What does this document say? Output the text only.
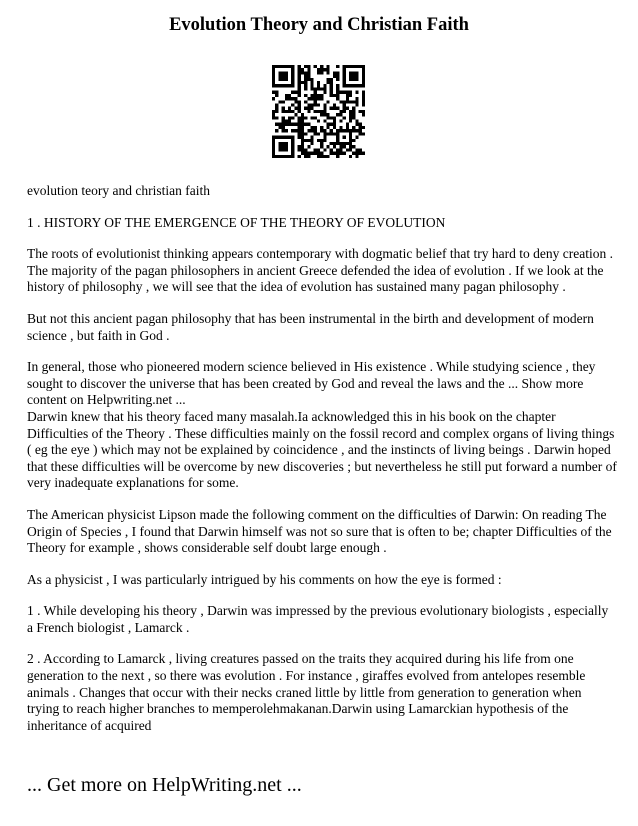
Evolution Theory and Christian Faith

evolution teory and christian faith

1 . HISTORY OF THE EMERGENCE OF THE THEORY OF EVOLUTION

The roots of evolutionist thinking appears contemporary with dogmatic belief that try hard to deny creation . The majority of the pagan philosophers in ancient Greece defended the idea of evolution . If we look at the history of philosophy , we will see that the idea of evolution has sustained many pagan philosophy .

But not this ancient pagan philosophy that has been instrumental in the birth and development of modern science , but faith in God .

In general, those who pioneered modern science believed in His existence . While studying science , they sought to discover the universe that has been created by God and reveal the laws and the ... Show more content on Helpwriting.net ...

Darwin knew that his theory faced many masalah.Ia acknowledged this in his book on the chapter Difficulties of the Theory . These difficulties mainly on the fossil record and complex organs of living things ( eg the eye ) which may not be explained by coincidence , and the instincts of living beings . Darwin hoped that these difficulties will be overcome by new discoveries ; but nevertheless he still put forward a number of very inadequate explanations for some.

The American physicist Lipson made the following comment on the difficulties of Darwin: On reading The Origin of Species , I found that Darwin himself was not so sure that is often to be; chapter Difficulties of the Theory for example , shows considerable self doubt large enough .

As a physicist , I was particularly intrigued by his comments on how the eye is formed :

1 . While developing his theory , Darwin was impressed by the previous evolutionary biologists , especially a French biologist , Lamarck .

2 . According to Lamarck , living creatures passed on the traits they acquired during his life from one generation to the next , so there was evolution . For instance , giraffes evolved from antelopes resemble animals . Changes that occur with their necks craned little by little from generation to generation when trying to reach higher branches to memperolehmakanan.Darwin using Lamarckian hypothesis of the inheritance of acquired

... Get more on HelpWriting.net ...
